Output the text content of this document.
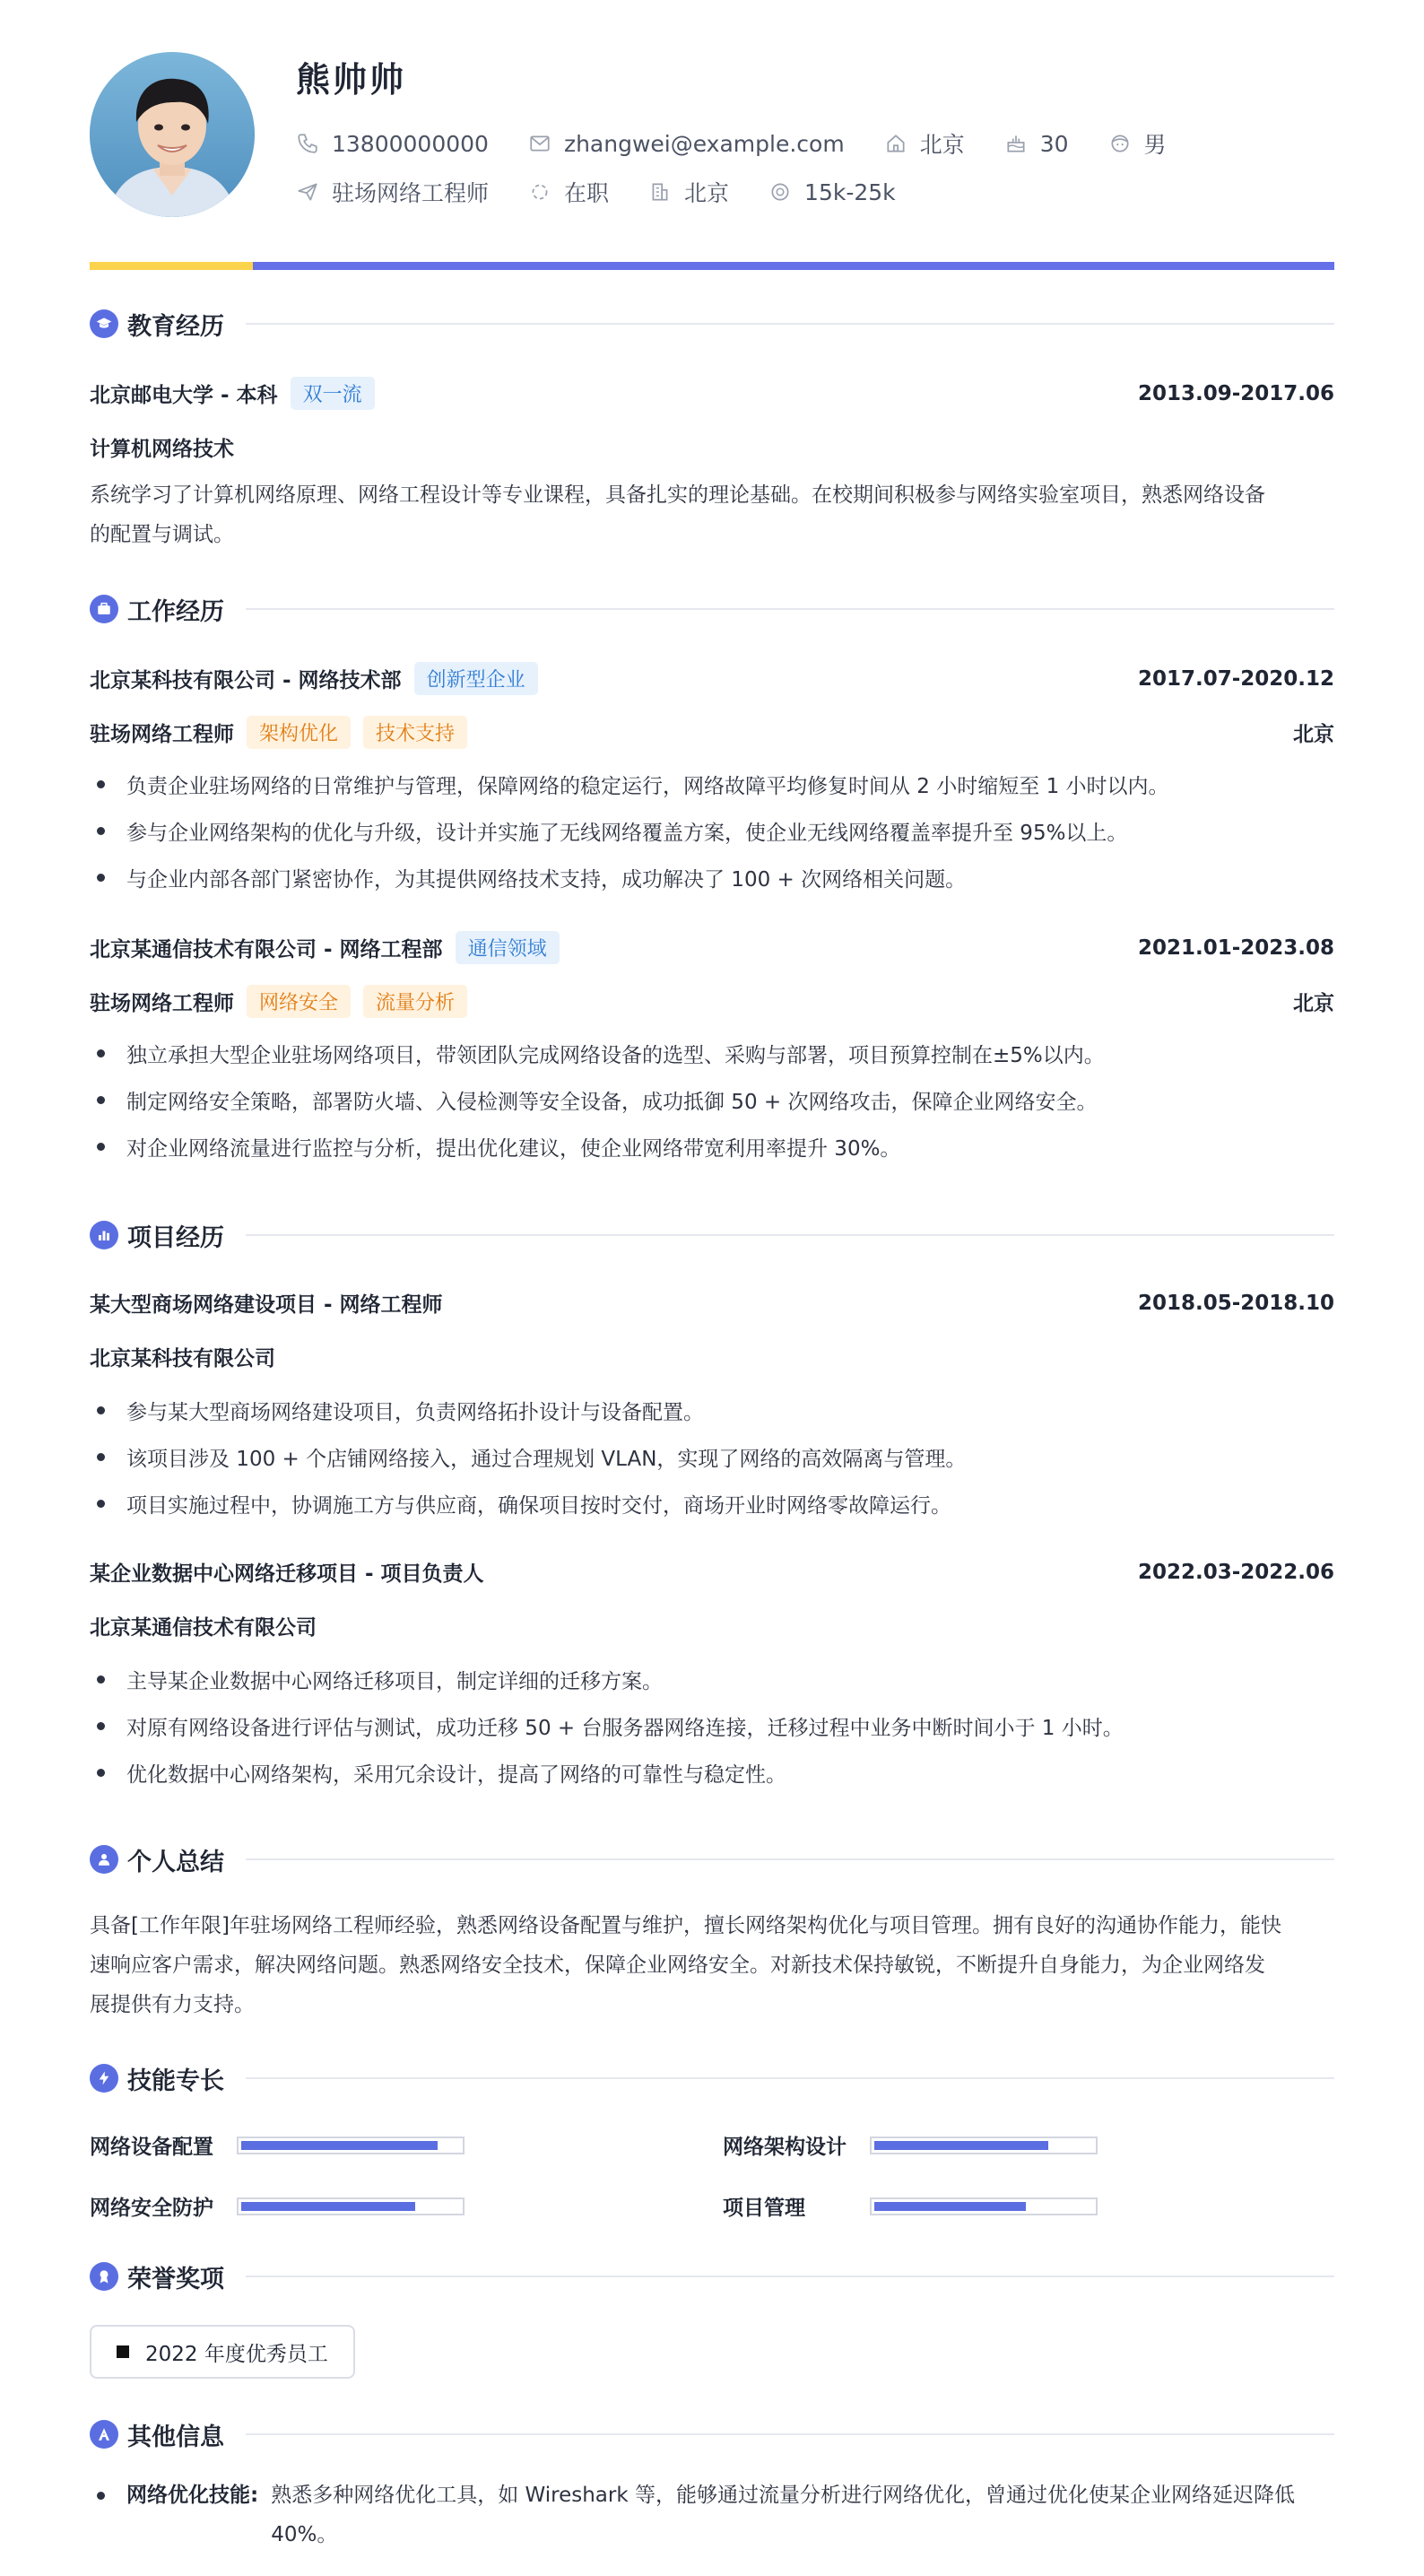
熊帅帅
13800000000	zhangwei@example.com	北京	30	男
驻场网络工程师	在职	北京	15k-25k
教育经历
北京邮电大学 - 本科	双一流	2013.09-2017.06
计算机网络技术
系统学习了计算机网络原理、网络工程设计等专业课程，具备扎实的理论基础。在校期间积极参与网络实验室项目，熟悉网络设备
的配置与调试。
工作经历
北京某科技有限公司 - 网络技术部	创新型企业	2017.07-2020.12
驻场网络工程师	架构优化	技术支持	北京
负责企业驻场网络的日常维护与管理，保障网络的稳定运行，网络故障平均修复时间从 2 小时缩短至 1 小时以内。
参与企业网络架构的优化与升级，设计并实施了无线网络覆盖方案，使企业无线网络覆盖率提升至 95%以上。
与企业内部各部门紧密协作，为其提供网络技术支持，成功解决了 100 + 次网络相关问题。
北京某通信技术有限公司 - 网络工程部	通信领域	2021.01-2023.08
驻场网络工程师	网络安全	流量分析	北京
独立承担大型企业驻场网络项目，带领团队完成网络设备的选型、采购与部署，项目预算控制在±5%以内。
制定网络安全策略，部署防火墙、入侵检测等安全设备，成功抵御 50 + 次网络攻击，保障企业网络安全。
对企业网络流量进行监控与分析，提出优化建议，使企业网络带宽利用率提升 30%。
项目经历
某大型商场网络建设项目 - 网络工程师	2018.05-2018.10
北京某科技有限公司
参与某大型商场网络建设项目，负责网络拓扑设计与设备配置。
该项目涉及 100 + 个店铺网络接入，通过合理规划 VLAN，实现了网络的高效隔离与管理。
项目实施过程中，协调施工方与供应商，确保项目按时交付，商场开业时网络零故障运行。
某企业数据中心网络迁移项目 - 项目负责人	2022.03-2022.06
北京某通信技术有限公司
主导某企业数据中心网络迁移项目，制定详细的迁移方案。
对原有网络设备进行评估与测试，成功迁移 50 + 台服务器网络连接，迁移过程中业务中断时间小于 1 小时。
优化数据中心网络架构，采用冗余设计，提高了网络的可靠性与稳定性。
个人总结
具备[工作年限]年驻场网络工程师经验，熟悉网络设备配置与维护，擅长网络架构优化与项目管理。拥有良好的沟通协作能力，能快
速响应客户需求，解决网络问题。熟悉网络安全技术，保障企业网络安全。对新技术保持敏锐，不断提升自身能力，为企业网络发
展提供有力支持。
技能专长
网络设备配置	网络架构设计
网络安全防护	项目管理
荣誉奖项
2022 年度优秀员工
其他信息
网络优化技能: 熟悉多种网络优化工具，如 Wireshark 等，能够通过流量分析进行网络优化，曾通过优化使某企业网络延迟降低
40%。
